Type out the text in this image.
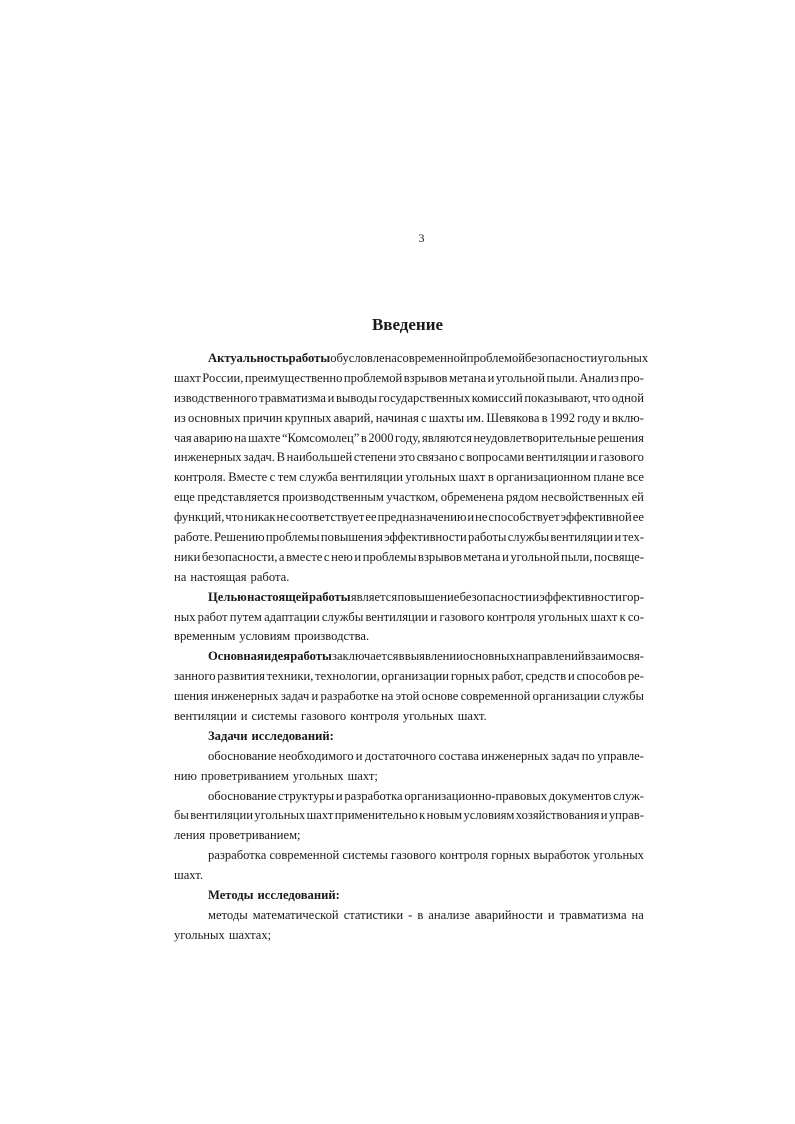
3
Введение
Актуальность работы обусловлена современной проблемой безопасности угольных
шахт России, преимущественно проблемой взрывов метана и угольной пыли. Анализ про-
изводственного травматизма и выводы государственных комиссий показывают, что одной
из основных причин крупных аварий, начиная с шахты им. Шевякова в 1992 году и вклю-
чая аварию на шахте “Комсомолец” в 2000 году, являются неудовлетворительные решения
инженерных задач. В наибольшей степени это связано с вопросами вентиляции и газового
контроля. Вместе с тем служба вентиляции угольных шахт в организационном плане все
еще представляется производственным участком, обременена рядом несвойственных ей
функций, что никак не соответствует ее предназначению и не способствует эффективной ее
работе. Решению проблемы повышения эффективности работы службы вентиляции и тех-
ники безопасности, а вместе с нею и проблемы взрывов метана и угольной пыли, посвяще-
на настоящая работа.
Целью настоящей работы является повышение безопасности и эффективности гор-
ных работ путем адаптации службы вентиляции и газового контроля угольных шахт к со-
временным условиям производства.
Основная идея работы заключается в выявлении основных направлений взаимосвя-
занного развития техники, технологии, организации горных работ, средств и способов ре-
шения инженерных задач и разработке на этой основе современной организации службы
вентиляции и системы газового контроля угольных шахт.
Задачи исследований:
обоснование необходимого и достаточного состава инженерных задач по управле-
нию проветриванием угольных шахт;
обоснование структуры и разработка организационно-правовых документов служ-
бы вентиляции угольных шахт применительно к новым условиям хозяйствования и управ-
ления проветриванием;
разработка современной системы газового контроля горных выработок угольных
шахт.
Методы исследований:
методы математической статистики - в анализе аварийности и травматизма на
угольных шахтах;
